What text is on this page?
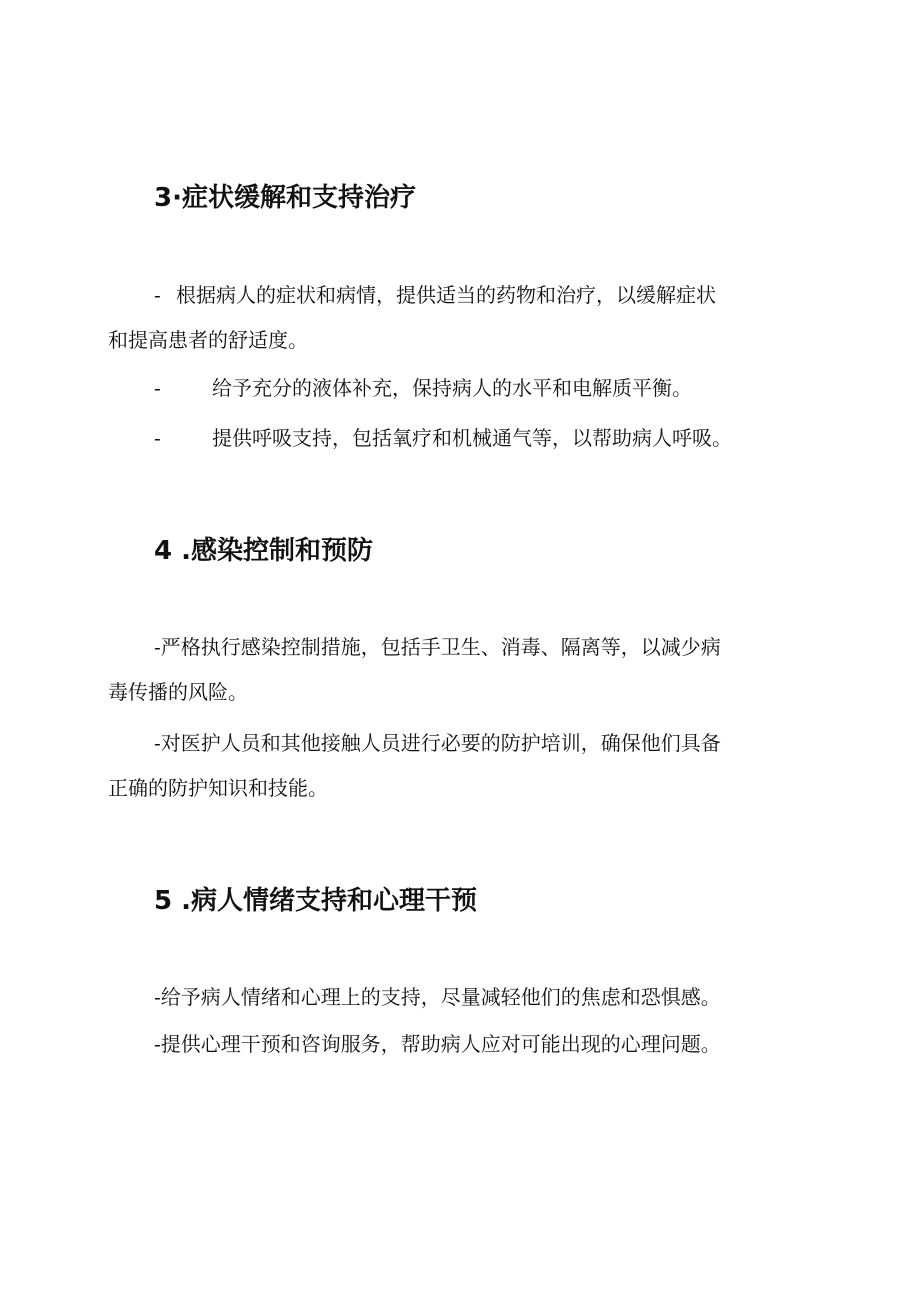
3·症状缓解和支持治疗

- 根据病人的症状和病情，提供适当的药物和治疗，以缓解症状

和提高患者的舒适度。

-	给予充分的液体补充，保持病人的水平和电解质平衡。

-	提供呼吸支持，包括氧疗和机械通气等，以帮助病人呼吸。

4 .感染控制和预防

-严格执行感染控制措施，包括手卫生、消毒、隔离等，以减少病

毒传播的风险。

-对医护人员和其他接触人员进行必要的防护培训，确保他们具备

正确的防护知识和技能。

5 .病人情绪支持和心理干预

-给予病人情绪和心理上的支持，尽量减轻他们的焦虑和恐惧感。

-提供心理干预和咨询服务，帮助病人应对可能出现的心理问题。
